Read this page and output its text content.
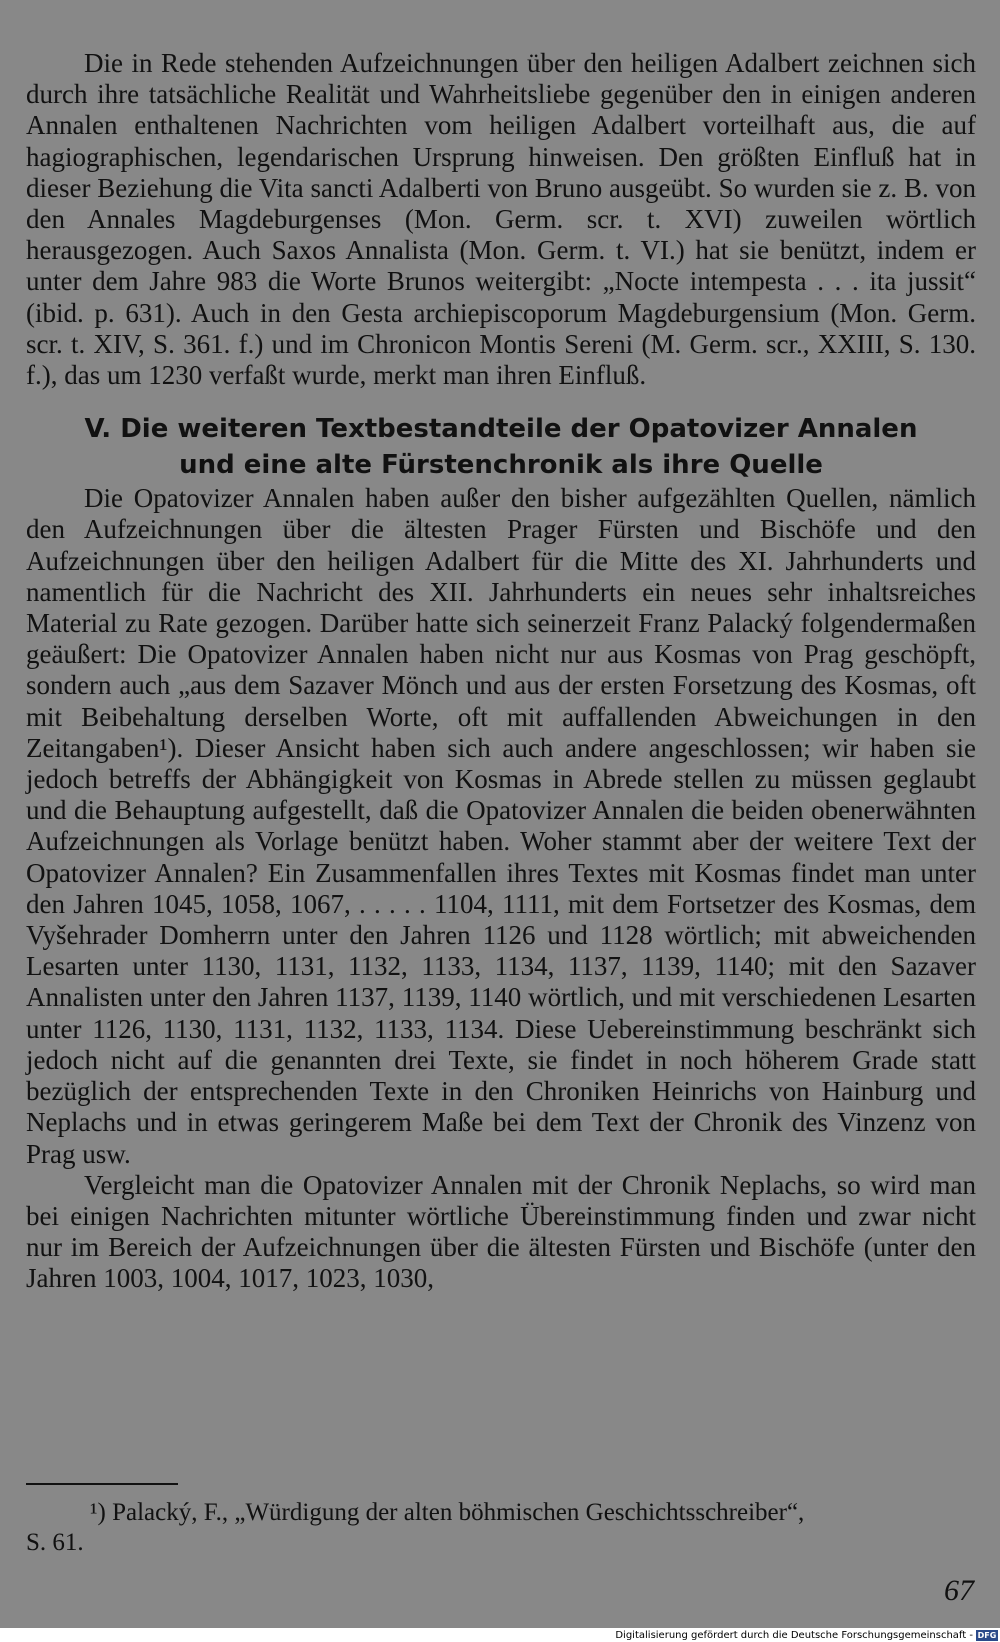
Die in Rede stehenden Aufzeichnungen über den heiligen Adalbert zeichnen sich durch ihre tatsächliche Realität und Wahrheitsliebe gegenüber den in einigen anderen Annalen enthaltenen Nachrichten vom heiligen Adalbert vorteilhaft aus, die auf hagiographischen, legendarischen Ursprung hinweisen. Den größten Einfluß hat in dieser Beziehung die Vita sancti Adalberti von Bruno ausgeübt. So wurden sie z. B. von den Annales Magdeburgenses (Mon. Germ. scr. t. XVI) zuweilen wörtlich herausgezogen. Auch Saxos Annalista (Mon. Germ. t. VI.) hat sie benützt, indem er unter dem Jahre 983 die Worte Brunos weitergibt: „Nocte intempesta . . . ita jussit“ (ibid. p. 631). Auch in den Gesta archiepiscoporum Magdeburgensium (Mon. Germ. scr. t. XIV, S. 361. f.) und im Chronicon Montis Sereni (M. Germ. scr., XXIII, S. 130. f.), das um 1230 verfaßt wurde, merkt man ihren Einfluß.

V. Die weiteren Textbestandteile der Opatovizer Annalen
und eine alte Fürstenchronik als ihre Quelle

Die Opatovizer Annalen haben außer den bisher aufgezählten Quellen, nämlich den Aufzeichnungen über die ältesten Prager Fürsten und Bischöfe und den Aufzeichnungen über den heiligen Adalbert für die Mitte des XI. Jahrhunderts und namentlich für die Nachricht des XII. Jahrhunderts ein neues sehr inhaltsreiches Material zu Rate gezogen. Darüber hatte sich seinerzeit Franz Palacký folgendermaßen geäußert: Die Opatovizer Annalen haben nicht nur aus Kosmas von Prag geschöpft, sondern auch „aus dem Sazaver Mönch und aus der ersten Forsetzung des Kosmas, oft mit Beibehaltung derselben Worte, oft mit auffallenden Abweichungen in den Zeitangaben¹). Dieser Ansicht haben sich auch andere angeschlossen; wir haben sie jedoch betreffs der Abhängigkeit von Kosmas in Abrede stellen zu müssen geglaubt und die Behauptung aufgestellt, daß die Opatovizer Annalen die beiden obenerwähnten Aufzeichnungen als Vorlage benützt haben. Woher stammt aber der weitere Text der Opatovizer Annalen? Ein Zusammenfallen ihres Textes mit Kosmas findet man unter den Jahren 1045, 1058, 1067, . . . . . 1104, 1111, mit dem Fortsetzer des Kosmas, dem Vyšehrader Domherrn unter den Jahren 1126 und 1128 wörtlich; mit abweichenden Lesarten unter 1130, 1131, 1132, 1133, 1134, 1137, 1139, 1140; mit den Sazaver Annalisten unter den Jahren 1137, 1139, 1140 wörtlich, und mit verschiedenen Lesarten unter 1126, 1130, 1131, 1132, 1133, 1134. Diese Uebereinstimmung beschränkt sich jedoch nicht auf die genannten drei Texte, sie findet in noch höherem Grade statt bezüglich der entsprechenden Texte in den Chroniken Heinrichs von Hainburg und Neplachs und in etwas geringerem Maße bei dem Text der Chronik des Vinzenz von Prag usw.

Vergleicht man die Opatovizer Annalen mit der Chronik Neplachs, so wird man bei einigen Nachrichten mitunter wörtliche Übereinstimmung finden und zwar nicht nur im Bereich der Aufzeichnungen über die ältesten Fürsten und Bischöfe (unter den Jahren 1003, 1004, 1017, 1023, 1030,

¹) Palacký, F., „Würdigung der alten böhmischen Geschichtsschreiber“,
S. 61.
67
Digitalisierung gefördert durch die Deutsche Forschungsgemeinschaft - DFG
